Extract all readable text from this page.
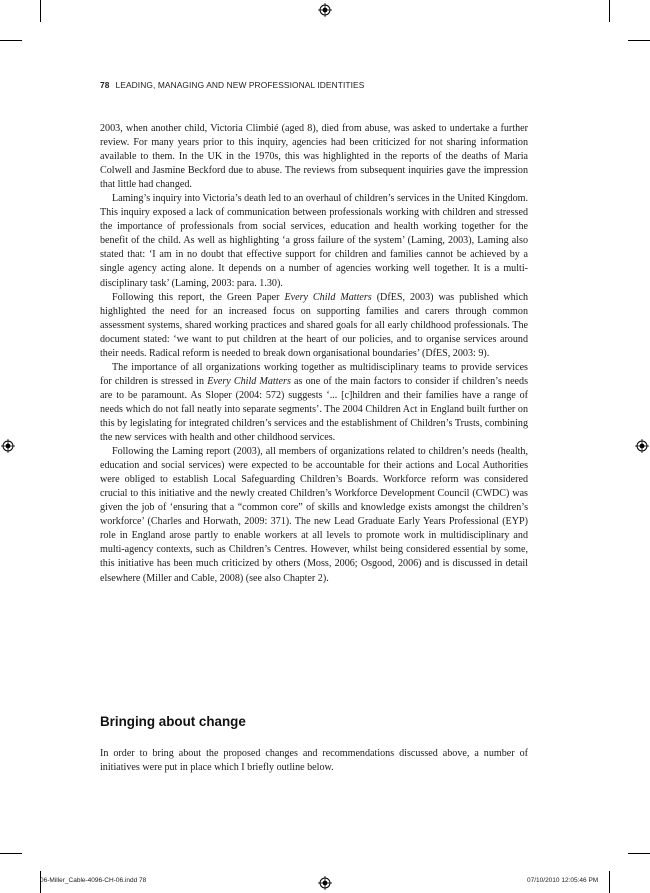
78 LEADING, MANAGING AND NEW PROFESSIONAL IDENTITIES

2003, when another child, Victoria Climbié (aged 8), died from abuse, was asked to undertake a further review. For many years prior to this inquiry, agencies had been criticized for not sharing information available to them. In the UK in the 1970s, this was highlighted in the reports of the deaths of Maria Colwell and Jasmine Beckford due to abuse. The reviews from subsequent inquiries gave the impression that little had changed.

Laming’s inquiry into Victoria’s death led to an overhaul of children’s services in the United Kingdom. This inquiry exposed a lack of communication between professionals working with children and stressed the importance of professionals from social services, education and health working together for the benefit of the child. As well as highlighting ‘a gross failure of the system’ (Laming, 2003), Laming also stated that: ‘I am in no doubt that effective support for children and families cannot be achieved by a single agency acting alone. It depends on a number of agencies working well together. It is a multi-disciplinary task’ (Laming, 2003: para. 1.30).

Following this report, the Green Paper Every Child Matters (DfES, 2003) was published which highlighted the need for an increased focus on supporting families and carers through common assessment systems, shared working practices and shared goals for all early childhood professionals. The document stated: ‘we want to put children at the heart of our policies, and to organise services around their needs. Radical reform is needed to break down organisational boundaries’ (DfES, 2003: 9).

The importance of all organizations working together as multidisciplinary teams to provide services for children is stressed in Every Child Matters as one of the main factors to consider if children’s needs are to be paramount. As Sloper (2004: 572) suggests ‘... [c]hildren and their families have a range of needs which do not fall neatly into separate segments’. The 2004 Children Act in England built further on this by legislating for integrated children’s services and the establishment of Children’s Trusts, combining the new services with health and other childhood services.

Following the Laming report (2003), all members of organizations related to children’s needs (health, education and social services) were expected to be accountable for their actions and Local Authorities were obliged to establish Local Safeguarding Children’s Boards. Workforce reform was considered crucial to this initiative and the newly created Children’s Workforce Development Council (CWDC) was given the job of ‘ensuring that a “common core” of skills and knowledge exists amongst the children’s workforce’ (Charles and Horwath, 2009: 371). The new Lead Graduate Early Years Professional (EYP) role in England arose partly to enable workers at all levels to promote work in multidisciplinary and multi-agency contexts, such as Children’s Centres. However, whilst being considered essential by some, this initiative has been much criticized by others (Moss, 2006; Osgood, 2006) and is discussed in detail elsewhere (Miller and Cable, 2008) (see also Chapter 2).

Bringing about change

In order to bring about the proposed changes and recommendations discussed above, a number of initiatives were put in place which I briefly outline below.

06-Miller_Cable-4096-CH-06.indd 78	07/10/2010 12:05:46 PM
